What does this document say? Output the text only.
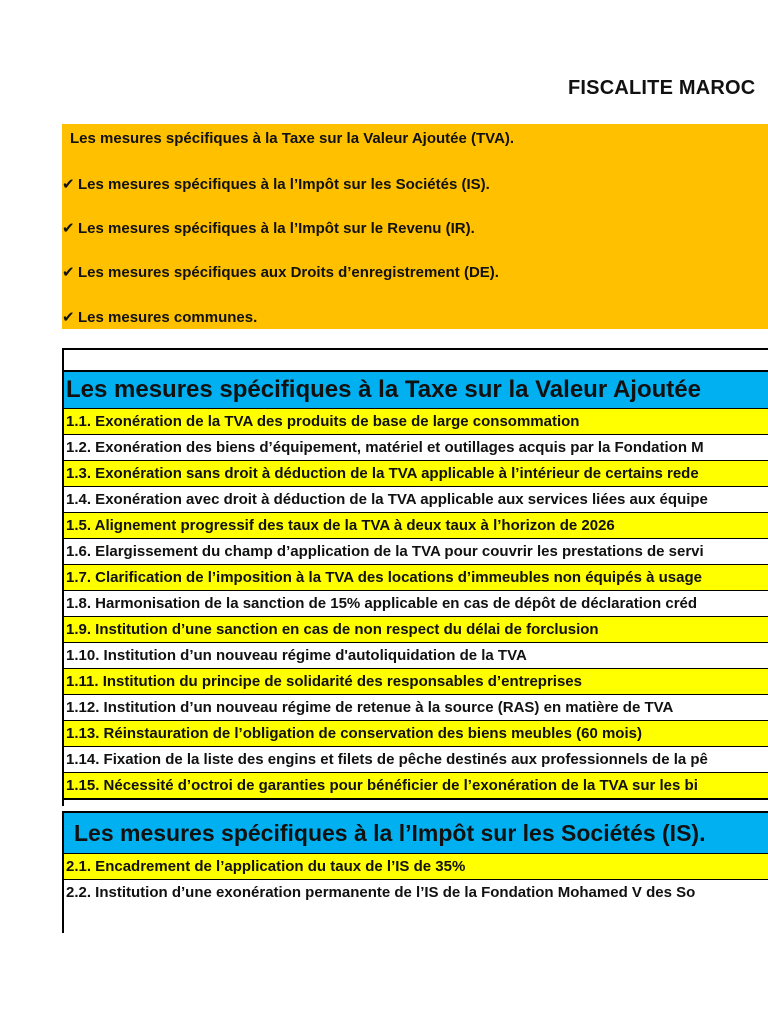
FISCALITE MAROC
Les mesures spécifiques à la Taxe sur la Valeur Ajoutée (TVA).
✔ Les mesures spécifiques à la l’Impôt sur les Sociétés (IS).
✔ Les mesures spécifiques à la l’Impôt sur le Revenu (IR).
✔ Les mesures spécifiques aux Droits d’enregistrement (DE).
✔ Les mesures communes.
Les mesures spécifiques à la Taxe sur la Valeur Ajoutée
1.1. Exonération de la TVA des produits de base de large consommation
1.2. Exonération des biens d’équipement, matériel et outillages acquis par la Fondation M
1.3. Exonération sans droit à déduction de la TVA applicable à l’intérieur de certains rede
1.4. Exonération avec droit à déduction de la TVA applicable aux services liées aux équipe
1.5. Alignement progressif des taux de la TVA à deux taux à l’horizon de 2026
1.6. Elargissement du champ d’application de la TVA pour couvrir les prestations de servi
1.7. Clarification de l’imposition à la TVA des locations d’immeubles non équipés à usage
1.8. Harmonisation de la sanction de 15% applicable en cas de dépôt de déclaration créd
1.9. Institution d’une sanction en cas de non respect du délai de forclusion
1.10. Institution d’un nouveau régime d'autoliquidation de la TVA
1.11. Institution du principe de solidarité des responsables d’entreprises
1.12. Institution d’un nouveau régime de retenue à la source (RAS) en matière de TVA
1.13. Réinstauration de l’obligation de conservation des biens meubles (60 mois)
1.14. Fixation de la liste des engins et filets de pêche destinés aux professionnels de la pê
1.15. Nécessité d’octroi de garanties pour bénéficier de l’exonération de la TVA sur les bi
Les mesures spécifiques à la l’Impôt sur les Sociétés (IS).
2.1. Encadrement de l’application du taux de l’IS de 35%
2.2. Institution d’une exonération permanente de l’IS de la Fondation Mohamed V des So
